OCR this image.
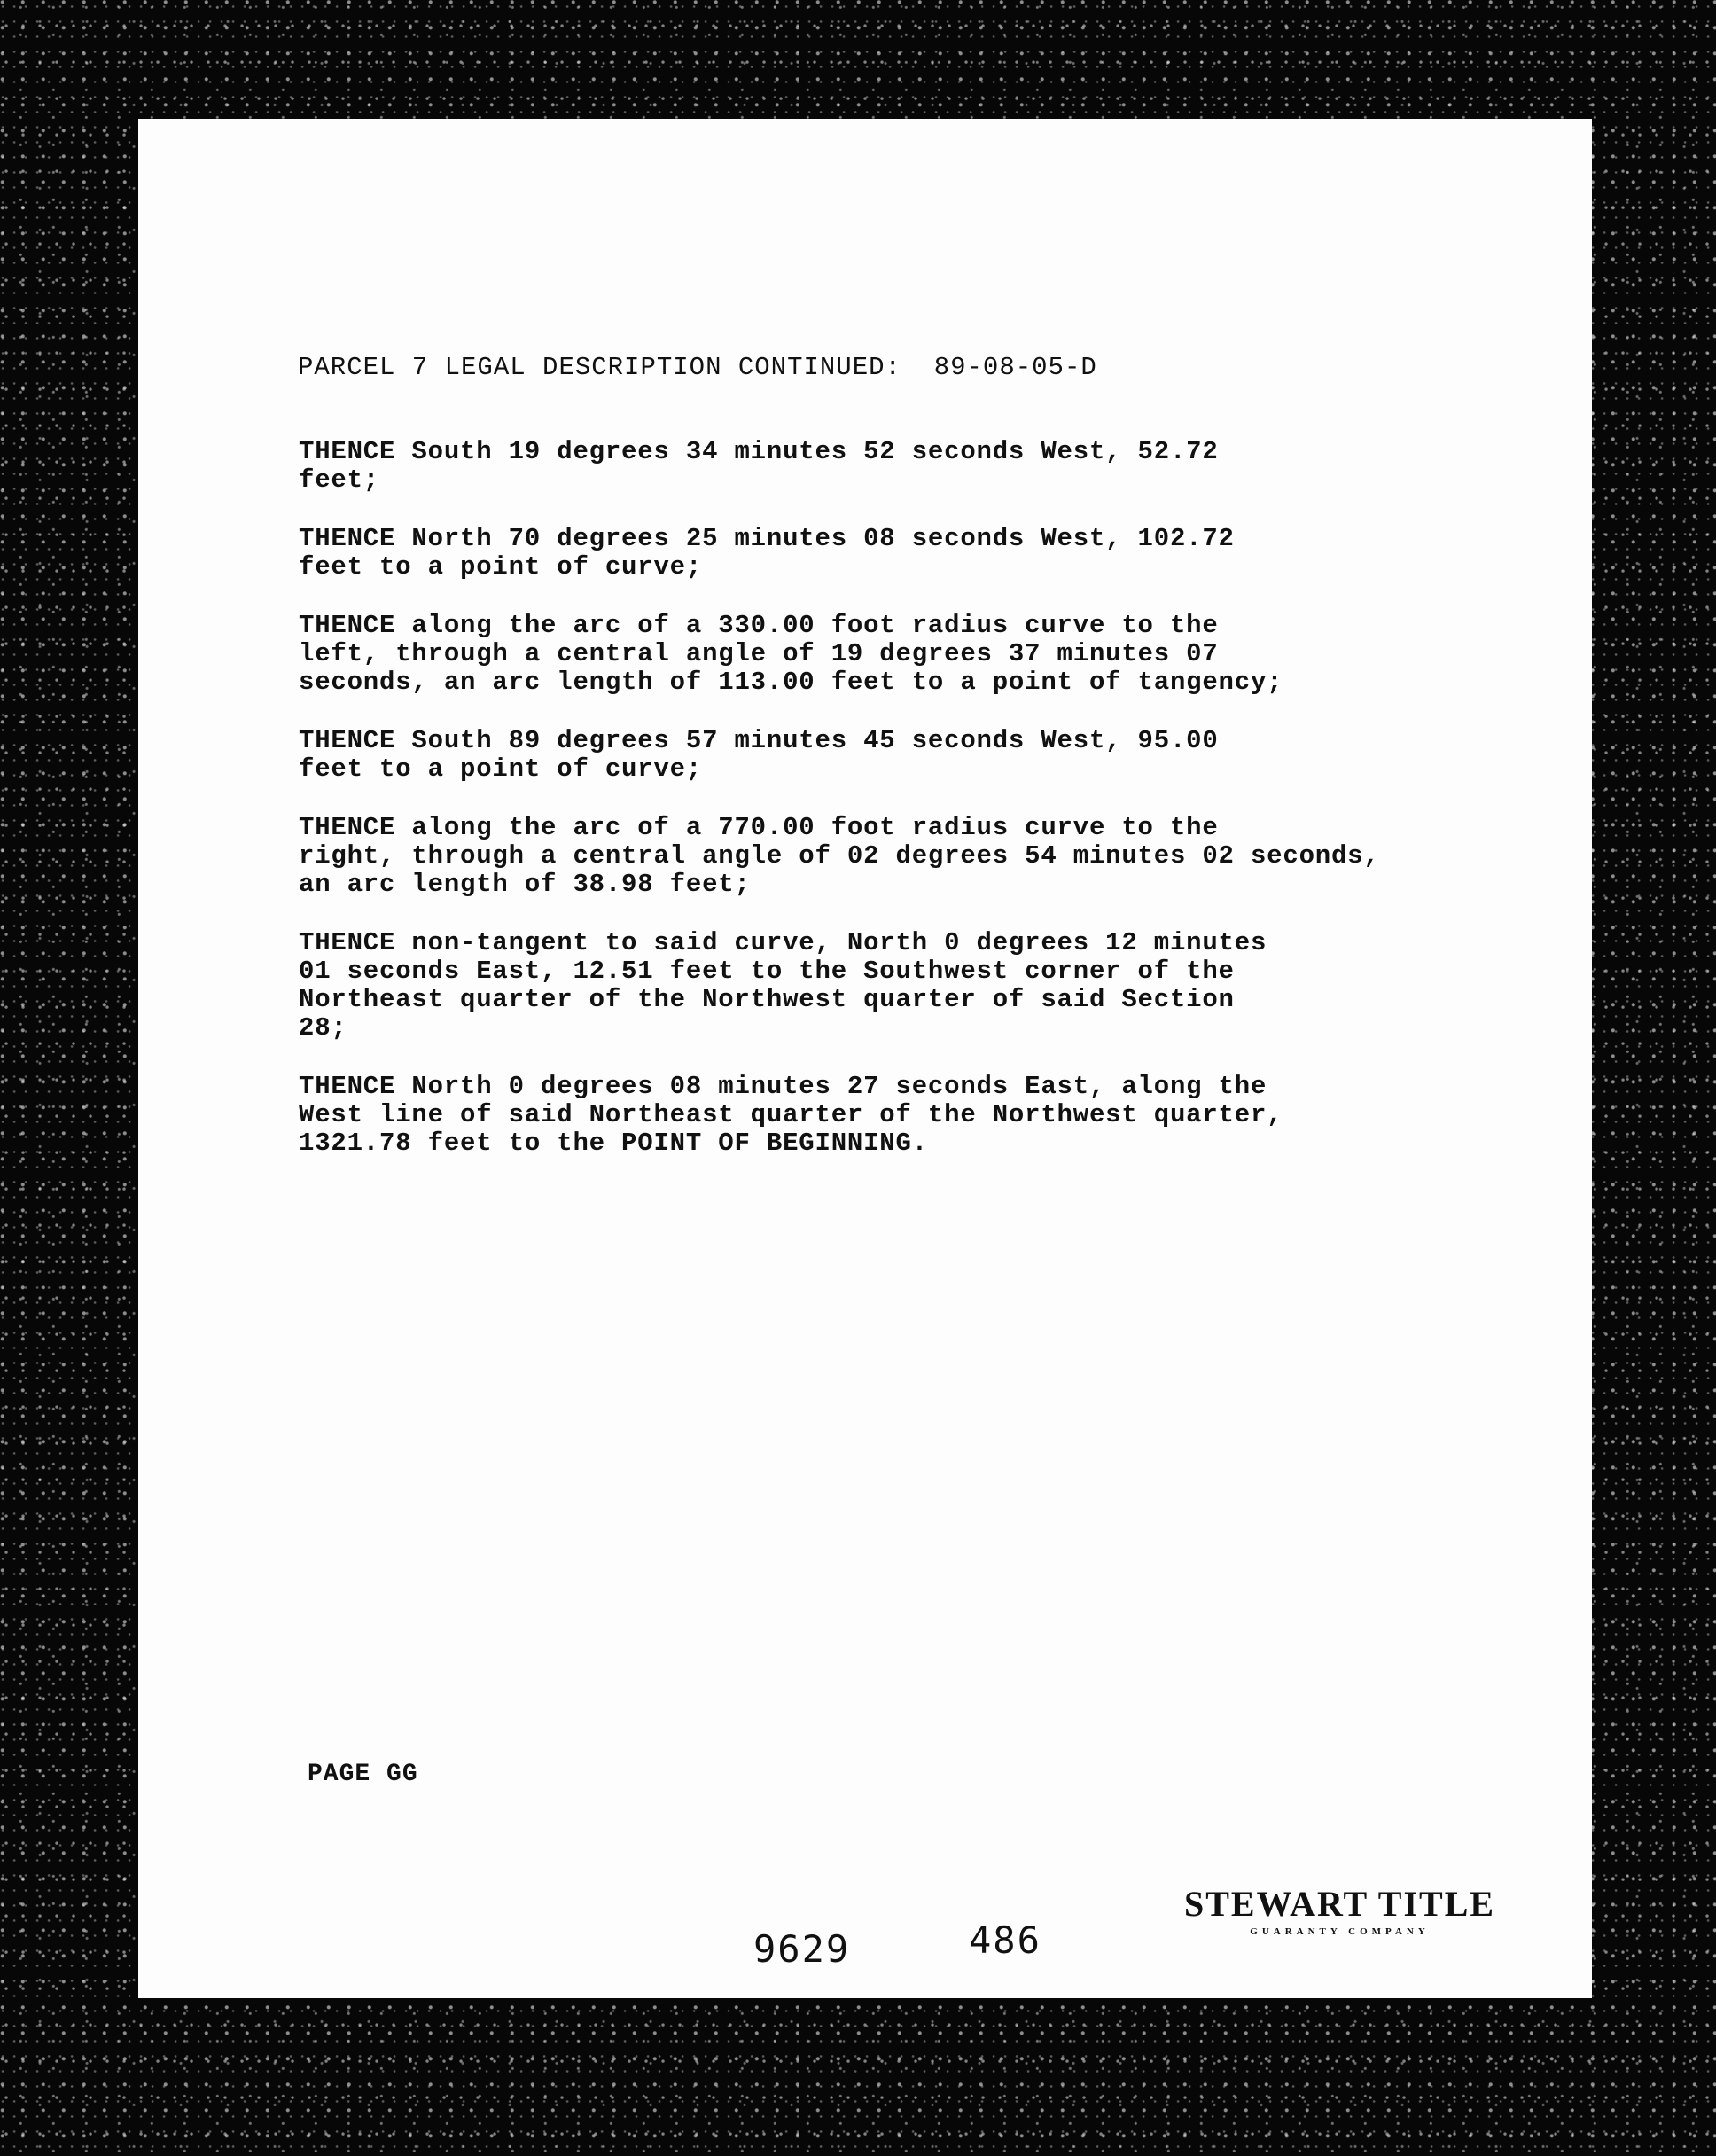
PARCEL 7 LEGAL DESCRIPTION CONTINUED: 89-08-05-D
THENCE South 19 degrees 34 minutes 52 seconds West, 52.72
feet;
THENCE North 70 degrees 25 minutes 08 seconds West, 102.72
feet to a point of curve;
THENCE along the arc of a 330.00 foot radius curve to the
left, through a central angle of 19 degrees 37 minutes 07
seconds, an arc length of 113.00 feet to a point of tangency;
THENCE South 89 degrees 57 minutes 45 seconds West, 95.00
feet to a point of curve;
THENCE along the arc of a 770.00 foot radius curve to the
right, through a central angle of 02 degrees 54 minutes 02 seconds,
an arc length of 38.98 feet;
THENCE non-tangent to said curve, North 0 degrees 12 minutes
01 seconds East, 12.51 feet to the Southwest corner of the
Northeast quarter of the Northwest quarter of said Section
28;
THENCE North 0 degrees 08 minutes 27 seconds East, along the
West line of said Northeast quarter of the Northwest quarter,
1321.78 feet to the POINT OF BEGINNING.
PAGE GG
9629	486
STEWART TITLE
GUARANTY COMPANY
